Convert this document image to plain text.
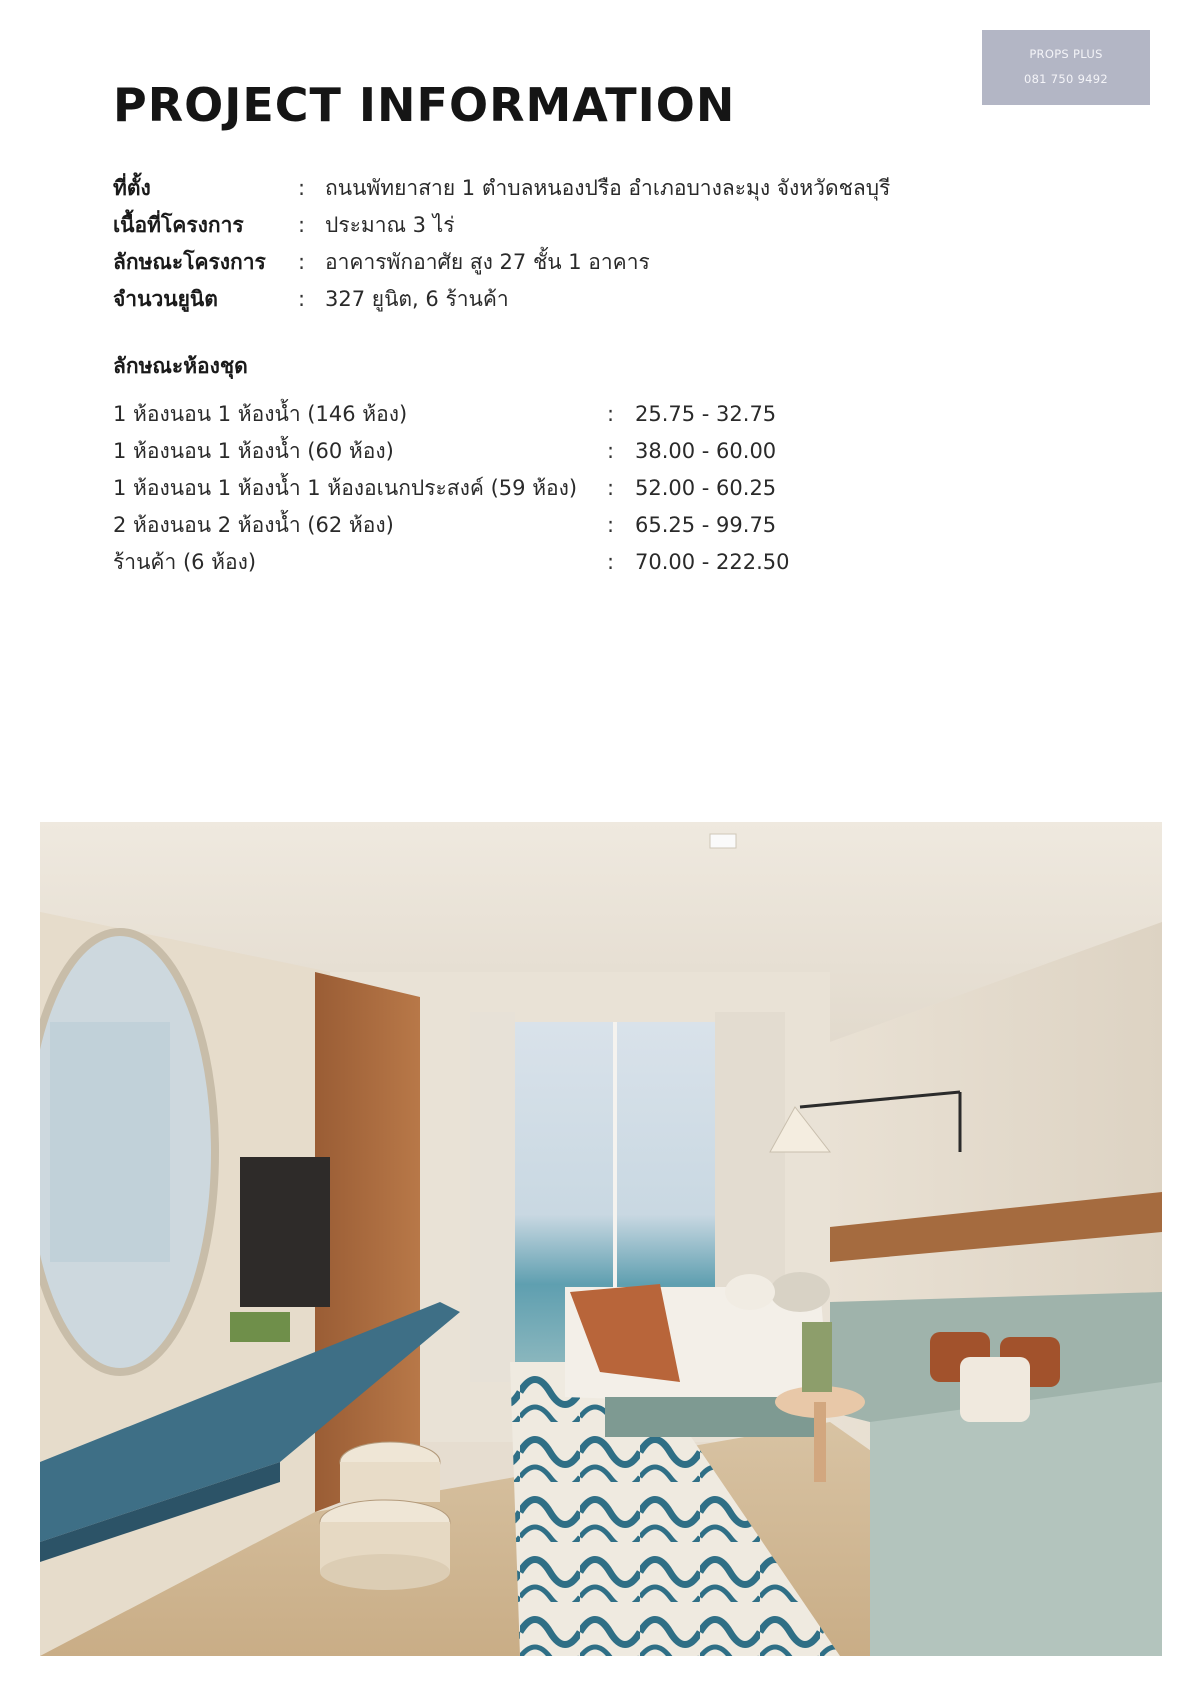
PROPS PLUS
081 750 9492
PROJECT INFORMATION
ที่ตั้ง	: ถนนพัทยาสาย 1 ตำบลหนองปรือ อำเภอบางละมุง จังหวัดชลบุรี
เนื้อที่โครงการ	: ประมาณ 3 ไร่
ลักษณะโครงการ : อาคารพักอาศัย สูง 27 ชั้น 1 อาคาร
จำนวนยูนิต	: 327 ยูนิต, 6 ร้านค้า
ลักษณะห้องชุด
1 ห้องนอน 1 ห้องน้ำ (146 ห้อง)	: 25.75 - 32.75
1 ห้องนอน 1 ห้องน้ำ (60 ห้อง)	: 38.00 - 60.00
1 ห้องนอน 1 ห้องน้ำ 1 ห้องอเนกประสงค์ (59 ห้อง) : 52.00 - 60.25
2 ห้องนอน 2 ห้องน้ำ (62 ห้อง)	: 65.25 - 99.75
ร้านค้า (6 ห้อง)	: 70.00 - 222.50
